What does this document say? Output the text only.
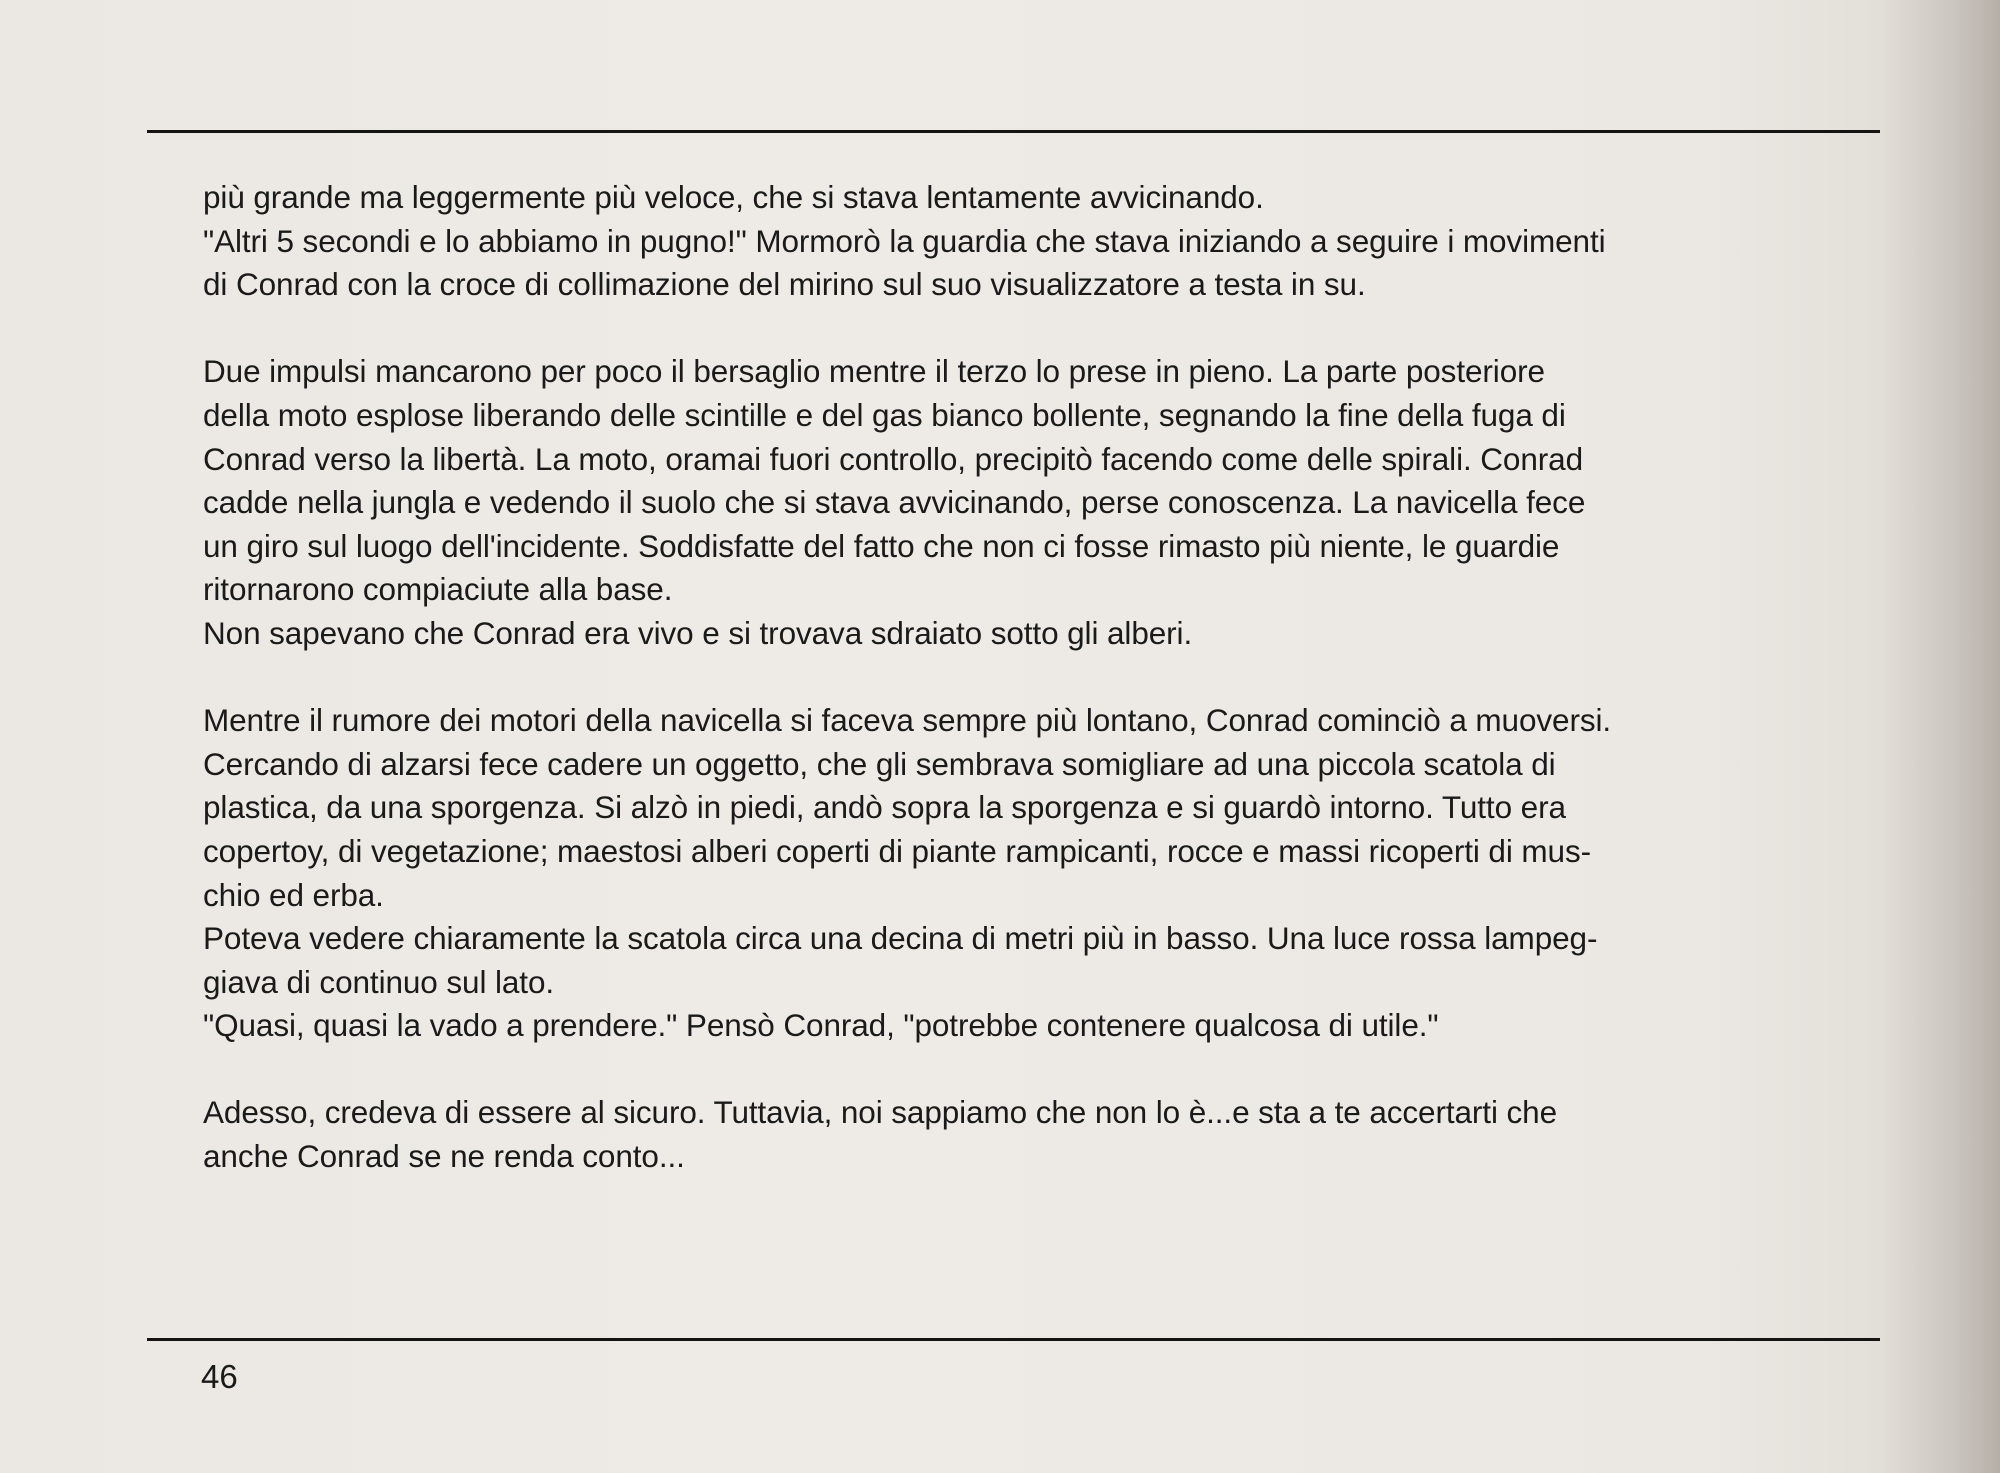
più grande ma leggermente più veloce, che si stava lentamente avvicinando.
"Altri 5 secondi e lo abbiamo in pugno!" Mormorò la guardia che stava iniziando a seguire i movimenti
di Conrad con la croce di collimazione del mirino sul suo visualizzatore a testa in su.

Due impulsi mancarono per poco il bersaglio mentre il terzo lo prese in pieno. La parte posteriore
della moto esplose liberando delle scintille e del gas bianco bollente, segnando la fine della fuga di
Conrad verso la libertà. La moto, oramai fuori controllo, precipitò facendo come delle spirali. Conrad
cadde nella jungla e vedendo il suolo che si stava avvicinando, perse conoscenza. La navicella fece
un giro sul luogo dell'incidente. Soddisfatte del fatto che non ci fosse rimasto più niente, le guardie
ritornarono compiaciute alla base.
Non sapevano che Conrad era vivo e si trovava sdraiato sotto gli alberi.

Mentre il rumore dei motori della navicella si faceva sempre più lontano, Conrad cominciò a muoversi.
Cercando di alzarsi fece cadere un oggetto, che gli sembrava somigliare ad una piccola scatola di
plastica, da una sporgenza. Si alzò in piedi, andò sopra la sporgenza e si guardò intorno. Tutto era
copertoy, di vegetazione; maestosi alberi coperti di piante rampicanti, rocce e massi ricoperti di mus-
chio ed erba.
Poteva vedere chiaramente la scatola circa una decina di metri più in basso. Una luce rossa lampeg-
giava di continuo sul lato.
"Quasi, quasi la vado a prendere." Pensò Conrad, "potrebbe contenere qualcosa di utile."

Adesso, credeva di essere al sicuro. Tuttavia, noi sappiamo che non lo è...e sta a te accertarti che
anche Conrad se ne renda conto...

46
